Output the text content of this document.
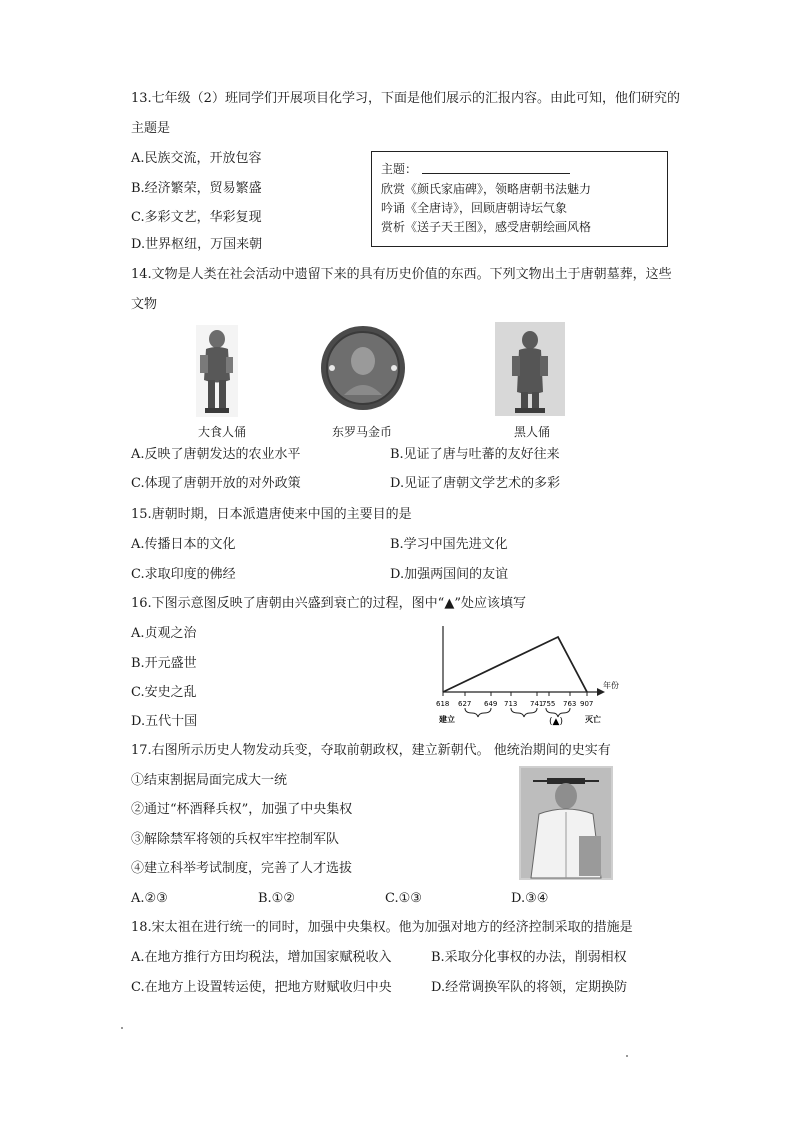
13.七年级（2）班同学们开展项目化学习，下面是他们展示的汇报内容。由此可知，他们研究的
主题是
A.民族交流，开放包容
B.经济繁荣，贸易繁盛
C.多彩文艺，华彩复现
D.世界枢纽，万国来朝
主题：
欣赏《颜氏家庙碑》，领略唐朝书法魅力
吟诵《全唐诗》，回顾唐朝诗坛气象
赏析《送子天王图》，感受唐朝绘画风格
14.文物是人类在社会活动中遗留下来的具有历史价值的东西。下列文物出土于唐朝墓葬，这些
文物
大食人俑	东罗马金币	黑人俑
A.反映了唐朝发达的农业水平	B.见证了唐与吐蕃的友好往来
C.体现了唐朝开放的对外政策	D.见证了唐朝文学艺术的多彩
15.唐朝时期，日本派遣唐使来中国的主要目的是
A.传播日本的文化	B.学习中国先进文化
C.求取印度的佛经	D.加强两国间的友谊
16.下图示意图反映了唐朝由兴盛到衰亡的过程，图中“▲”处应该填写
A.贞观之治
B.开元盛世
C.安史之乱
D.五代十国
年份
618 627 649 713 741
755 763 907
建立	(▲)	灭亡
17.右图所示历史人物发动兵变，夺取前朝政权，建立新朝代。 他统治期间的史实有
①结束割据局面完成大一统
②通过“杯酒释兵权”，加强了中央集权
③解除禁军将领的兵权牢牢控制军队
④建立科举考试制度，完善了人才选拔
A.②③	B.①②	C.①③	D.③④
18.宋太祖在进行统一的同时，加强中央集权。他为加强对地方的经济控制采取的措施是
A.在地方推行方田均税法，增加国家赋税收入	B.采取分化事权的办法，削弱相权
C.在地方上设置转运使，把地方财赋收归中央	D.经常调换军队的将领，定期换防
